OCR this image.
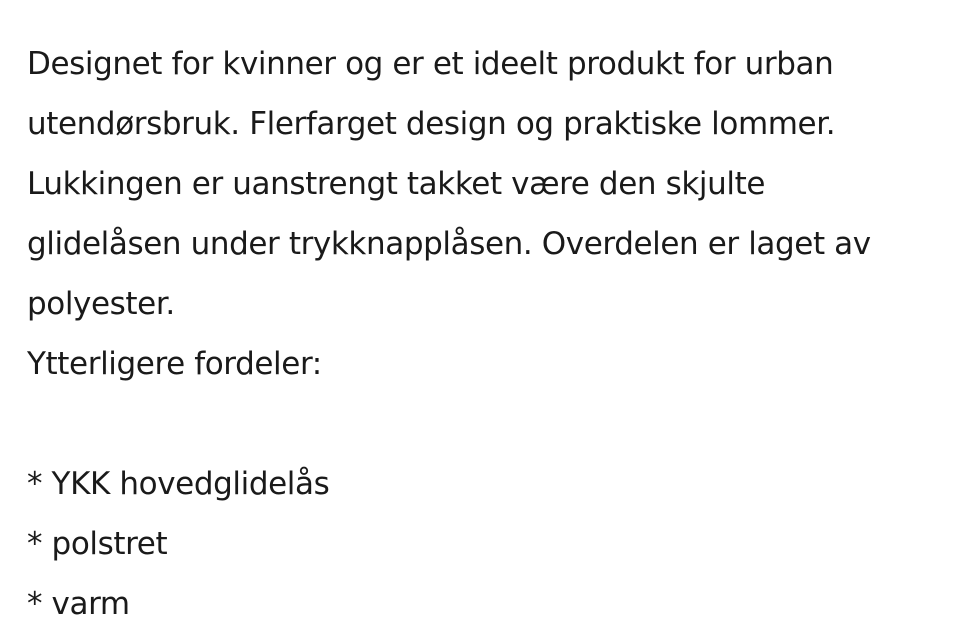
Designet for kvinner og er et ideelt produkt for urban
utendørsbruk. Flerfarget design og praktiske lommer.
Lukkingen er uanstrengt takket være den skjulte
glidelåsen under trykknapplåsen. Overdelen er laget av
polyester.
Ytterligere fordeler:
* YKK hovedglidelås
* polstret
* varm
